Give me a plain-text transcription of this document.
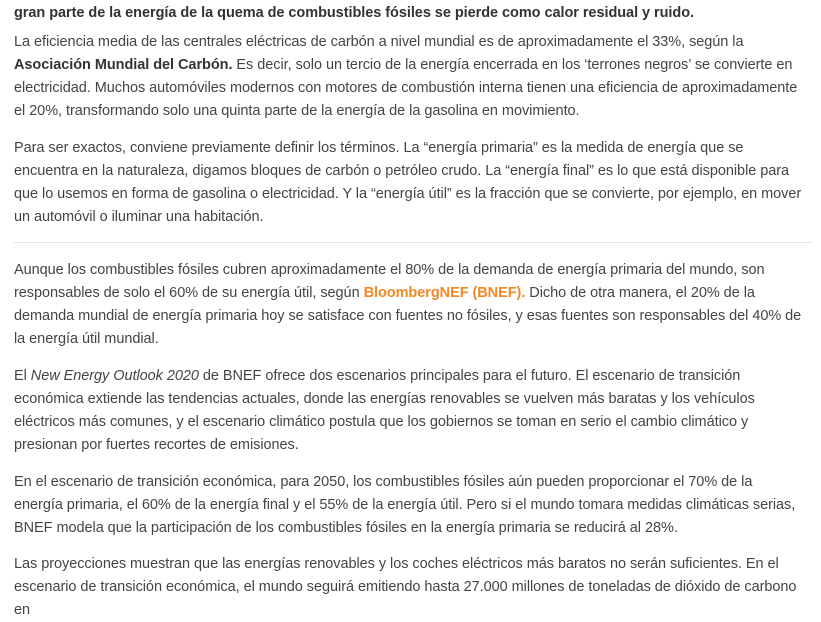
gran parte de la energía de la quema de combustibles fósiles se pierde como calor residual y ruido.

La eficiencia media de las centrales eléctricas de carbón a nivel mundial es de aproximadamente el 33%, según la Asociación Mundial del Carbón. Es decir, solo un tercio de la energía encerrada en los ‘terrones negros’ se convierte en electricidad. Muchos automóviles modernos con motores de combustión interna tienen una eficiencia de aproximadamente el 20%, transformando solo una quinta parte de la energía de la gasolina en movimiento.

Para ser exactos, conviene previamente definir los términos. La “energía primaria” es la medida de energía que se encuentra en la naturaleza, digamos bloques de carbón o petróleo crudo. La “energía final” es lo que está disponible para que lo usemos en forma de gasolina o electricidad. Y la “energía útil” es la fracción que se convierte, por ejemplo, en mover un automóvil o iluminar una habitación.

Aunque los combustibles fósiles cubren aproximadamente el 80% de la demanda de energía primaria del mundo, son responsables de solo el 60% de su energía útil, según BloombergNEF (BNEF). Dicho de otra manera, el 20% de la demanda mundial de energía primaria hoy se satisface con fuentes no fósiles, y esas fuentes son responsables del 40% de la energía útil mundial.

El New Energy Outlook 2020 de BNEF ofrece dos escenarios principales para el futuro. El escenario de transición económica extiende las tendencias actuales, donde las energías renovables se vuelven más baratas y los vehículos eléctricos más comunes, y el escenario climático postula que los gobiernos se toman en serio el cambio climático y presionan por fuertes recortes de emisiones.

En el escenario de transición económica, para 2050, los combustibles fósiles aún pueden proporcionar el 70% de la energía primaria, el 60% de la energía final y el 55% de la energía útil. Pero si el mundo tomara medidas climáticas serias, BNEF modela que la participación de los combustibles fósiles en la energía primaria se reducirá al 28%.

Las proyecciones muestran que las energías renovables y los coches eléctricos más baratos no serán suficientes. En el escenario de transición económica, el mundo seguirá emitiendo hasta 27.000 millones de toneladas de dióxido de carbono en
